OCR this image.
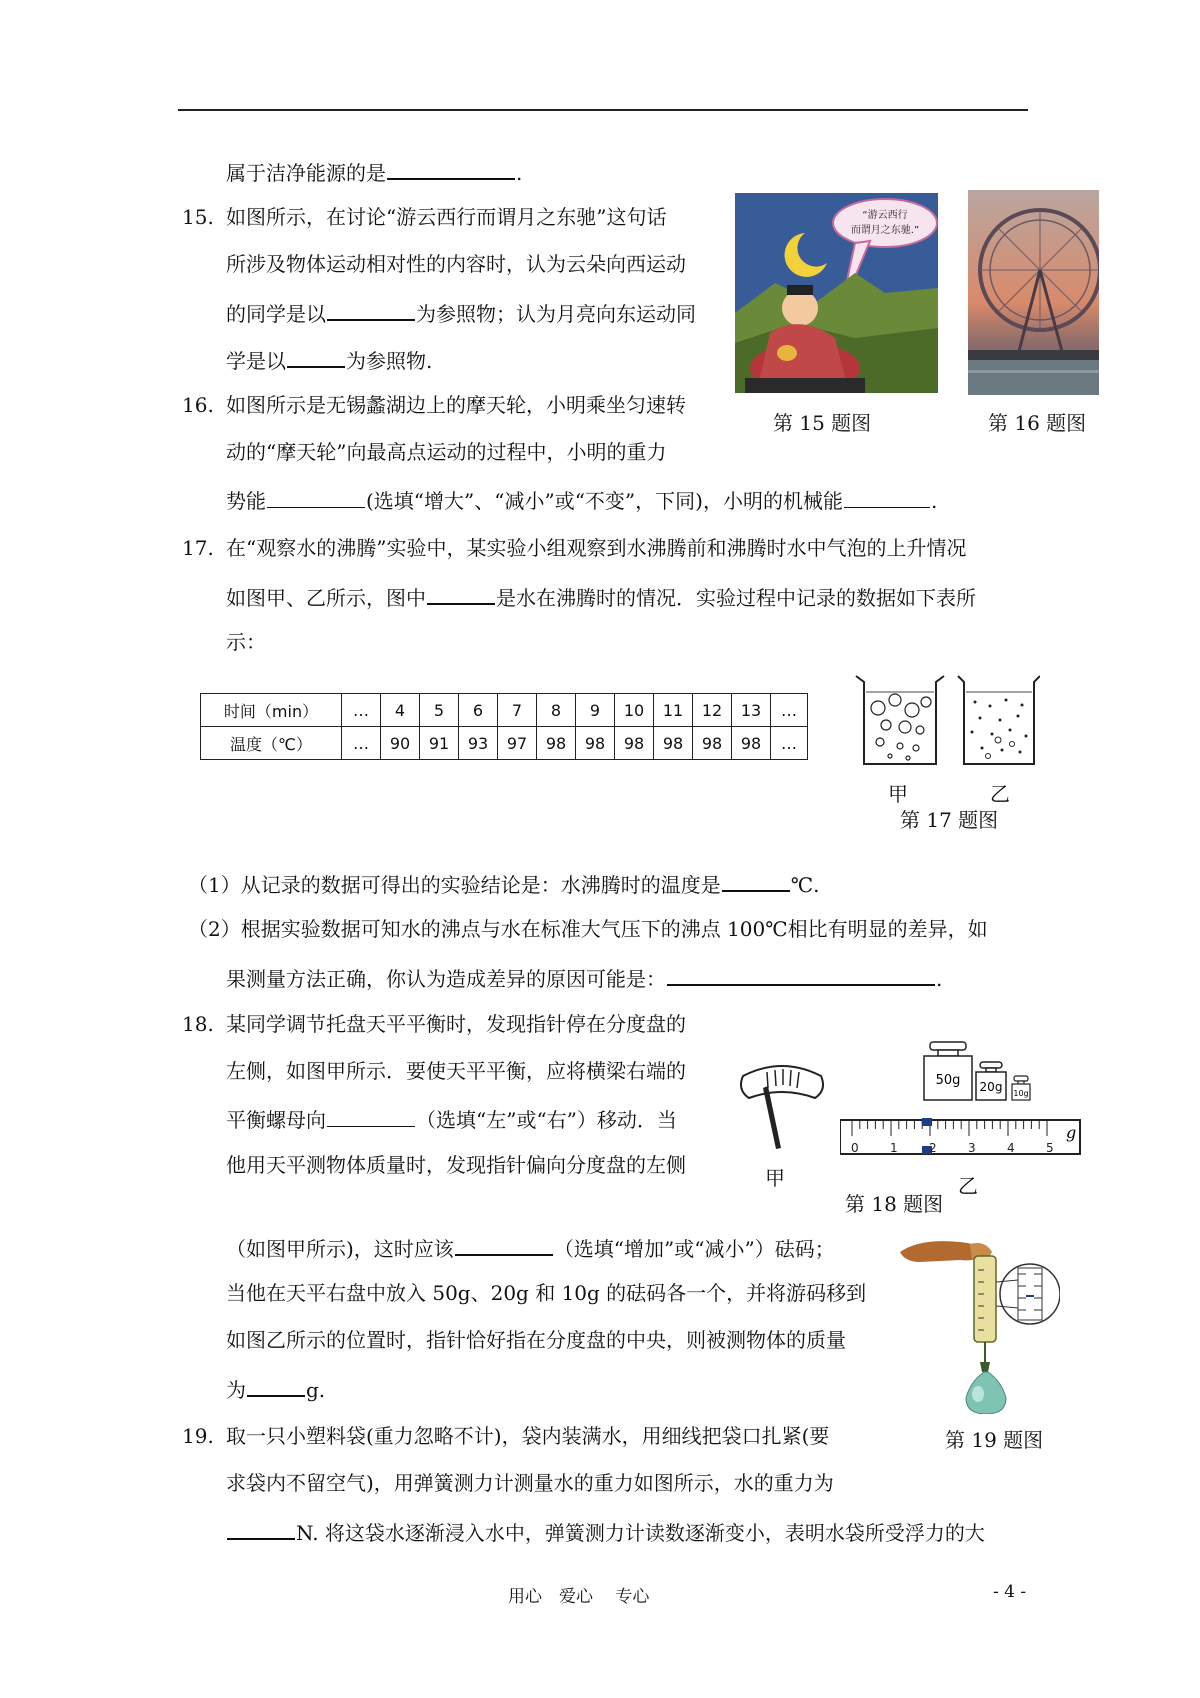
属于洁净能源的是	.
15. 如图所示，在讨论“游云西行而谓月之东驰”这句话
所涉及物体运动相对性的内容时，认为云朵向西运动
的同学是以	为参照物；认为月亮向东运动同
学是以	为参照物.
16. 如图所示是无锡蠡湖边上的摩天轮，小明乘坐匀速转
动的“摩天轮”向最高点运动的过程中，小明的重力
势能	(选填“增大”、“减小”或“不变”，下同)，小明的机械能	.
17. 在“观察水的沸腾”实验中，某实验小组观察到水沸腾前和沸腾时水中气泡的上升情况
如图甲、乙所示，图中	是水在沸腾时的情况．实验过程中记录的数据如下表所
示：
时间（min）	…	4	5	6	7	8	9	10	11	12	13	…
温度（℃）	…	90	91	93	97	98	98	98	98	98	98	…
（1）从记录的数据可得出的实验结论是：水沸腾时的温度是	℃.
（2）根据实验数据可知水的沸点与水在标准大气压下的沸点 100℃相比有明显的差异，如
果测量方法正确，你认为造成差异的原因可能是：	.
18. 某同学调节托盘天平平衡时，发现指针停在分度盘的
左侧，如图甲所示．要使天平平衡，应将横梁右端的
平衡螺母向	（选填“左”或“右”）移动．当
他用天平测物体质量时，发现指针偏向分度盘的左侧
（如图甲所示)，这时应该	（选填“增加”或“减小”）砝码；
当他在天平右盘中放入 50g、20g 和 10g 的砝码各一个，并将游码移到
如图乙所示的位置时，指针恰好指在分度盘的中央，则被测物体的质量
为	g.
19. 取一只小塑料袋(重力忽略不计)，袋内装满水，用细线把袋口扎紧(要
求袋内不留空气)，用弹簧测力计测量水的重力如图所示，水的重力为
N. 将这袋水逐渐浸入水中，弹簧测力计读数逐渐变小，表明水袋所受浮力的大
“游云西行
而谓月之东驰.”
第 15 题图	第 16 题图
甲	乙
第 17 题图
甲
50g 20g 10g
0	1	2	3	4	5
g
乙
第 18 题图
第 19 题图
用心　爱心　 专心	- 4 -
